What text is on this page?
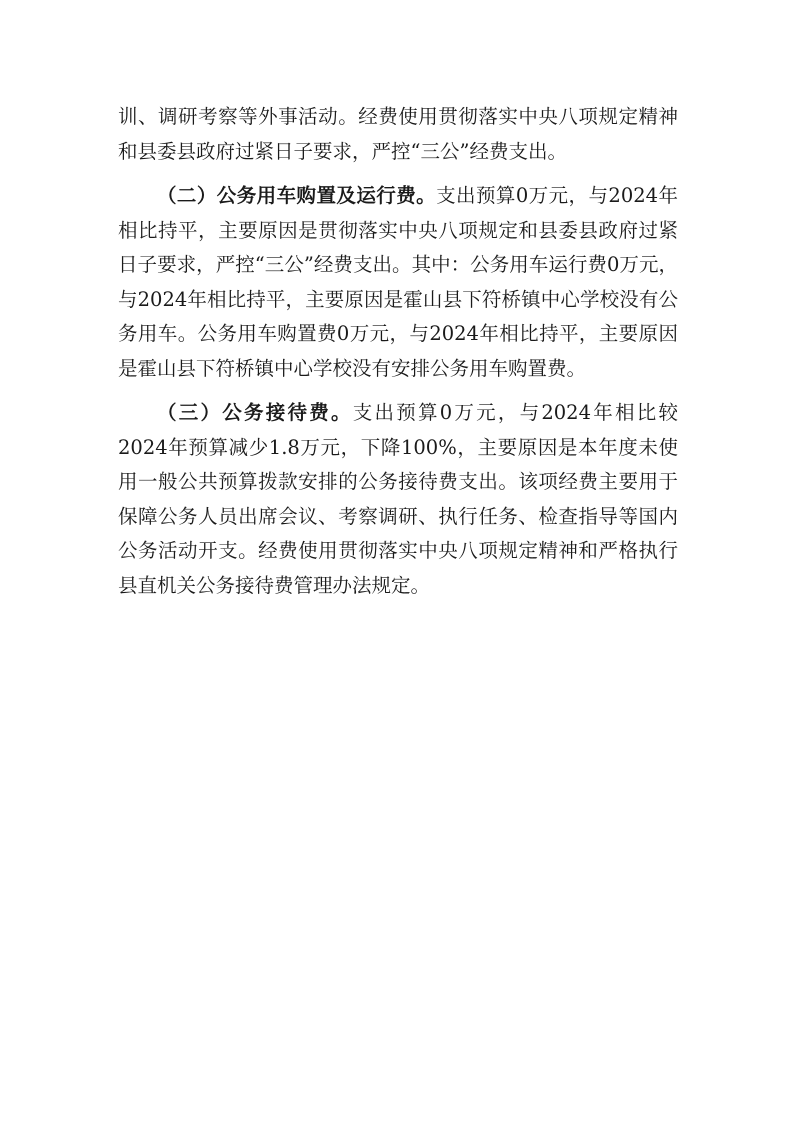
训、调研考察等外事活动。经费使用贯彻落实中央八项规定精神和县委县政府过紧日子要求，严控“三公”经费支出。

（二）公务用车购置及运行费。支出预算0万元，与2024年相比持平，主要原因是贯彻落实中央八项规定和县委县政府过紧日子要求，严控“三公”经费支出。其中：公务用车运行费0万元，与2024年相比持平，主要原因是霍山县下符桥镇中心学校没有公务用车。公务用车购置费0万元，与2024年相比持平，主要原因是霍山县下符桥镇中心学校没有安排公务用车购置费。

（三）公务接待费。支出预算0万元，与2024年相比较2024年预算减少1.8万元，下降100%，主要原因是本年度未使用一般公共预算拨款安排的公务接待费支出。该项经费主要用于保障公务人员出席会议、考察调研、执行任务、检查指导等国内公务活动开支。经费使用贯彻落实中央八项规定精神和严格执行县直机关公务接待费管理办法规定。
